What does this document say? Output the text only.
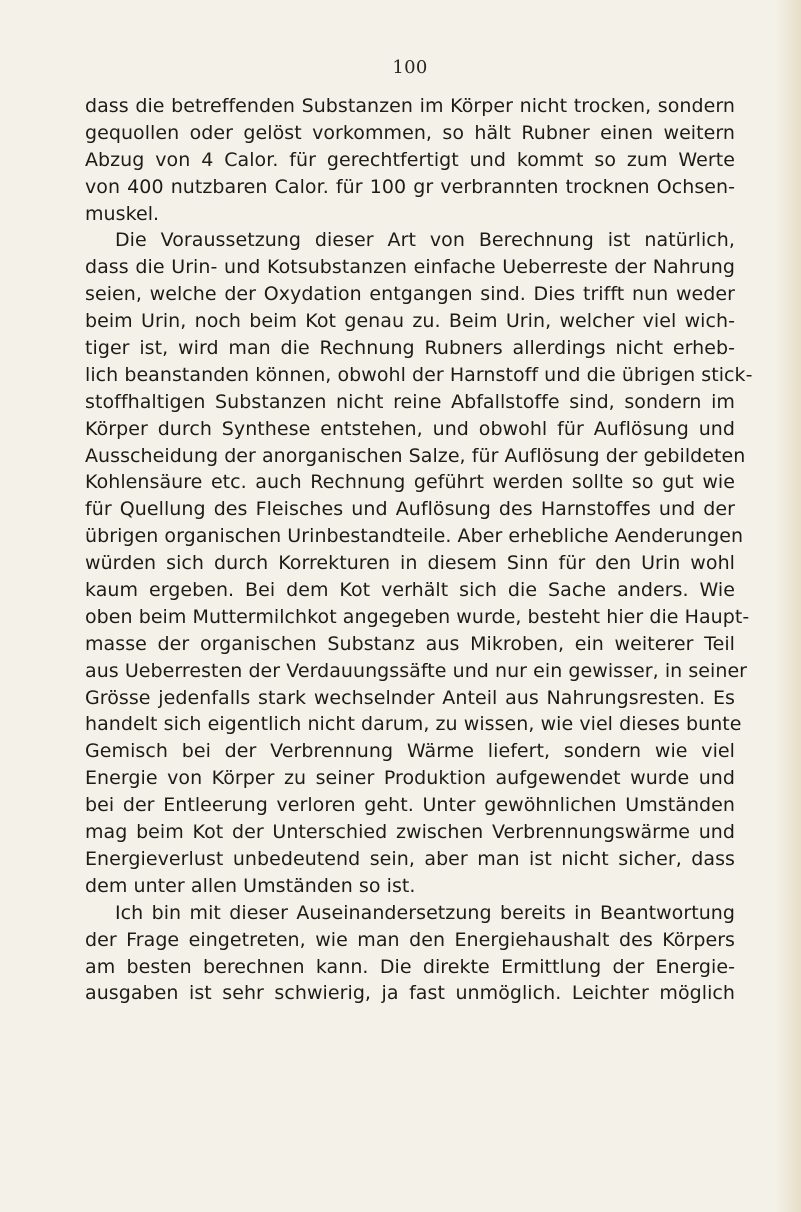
100
dass die betreffenden Substanzen im Körper nicht trocken, sondern
gequollen oder gelöst vorkommen, so hält Rubner einen weitern
Abzug von 4 Calor. für gerechtfertigt und kommt so zum Werte
von 400 nutzbaren Calor. für 100 gr verbrannten trocknen Ochsen-
muskel.
Die Voraussetzung dieser Art von Berechnung ist natürlich,
dass die Urin- und Kotsubstanzen einfache Ueberreste der Nahrung
seien, welche der Oxydation entgangen sind. Dies trifft nun weder
beim Urin, noch beim Kot genau zu. Beim Urin, welcher viel wich-
tiger ist, wird man die Rechnung Rubners allerdings nicht erheb-
lich beanstanden können, obwohl der Harnstoff und die übrigen stick-
stoffhaltigen Substanzen nicht reine Abfallstoffe sind, sondern im
Körper durch Synthese entstehen, und obwohl für Auflösung und
Ausscheidung der anorganischen Salze, für Auflösung der gebildeten
Kohlensäure etc. auch Rechnung geführt werden sollte so gut wie
für Quellung des Fleisches und Auflösung des Harnstoffes und der
übrigen organischen Urinbestandteile. Aber erhebliche Aenderungen
würden sich durch Korrekturen in diesem Sinn für den Urin wohl
kaum ergeben. Bei dem Kot verhält sich die Sache anders. Wie
oben beim Muttermilchkot angegeben wurde, besteht hier die Haupt-
masse der organischen Substanz aus Mikroben, ein weiterer Teil
aus Ueberresten der Verdauungssäfte und nur ein gewisser, in seiner
Grösse jedenfalls stark wechselnder Anteil aus Nahrungsresten. Es
handelt sich eigentlich nicht darum, zu wissen, wie viel dieses bunte
Gemisch bei der Verbrennung Wärme liefert, sondern wie viel
Energie von Körper zu seiner Produktion aufgewendet wurde und
bei der Entleerung verloren geht. Unter gewöhnlichen Umständen
mag beim Kot der Unterschied zwischen Verbrennungswärme und
Energieverlust unbedeutend sein, aber man ist nicht sicher, dass
dem unter allen Umständen so ist.
Ich bin mit dieser Auseinandersetzung bereits in Beantwortung
der Frage eingetreten, wie man den Energiehaushalt des Körpers
am besten berechnen kann. Die direkte Ermittlung der Energie-
ausgaben ist sehr schwierig, ja fast unmöglich. Leichter möglich
